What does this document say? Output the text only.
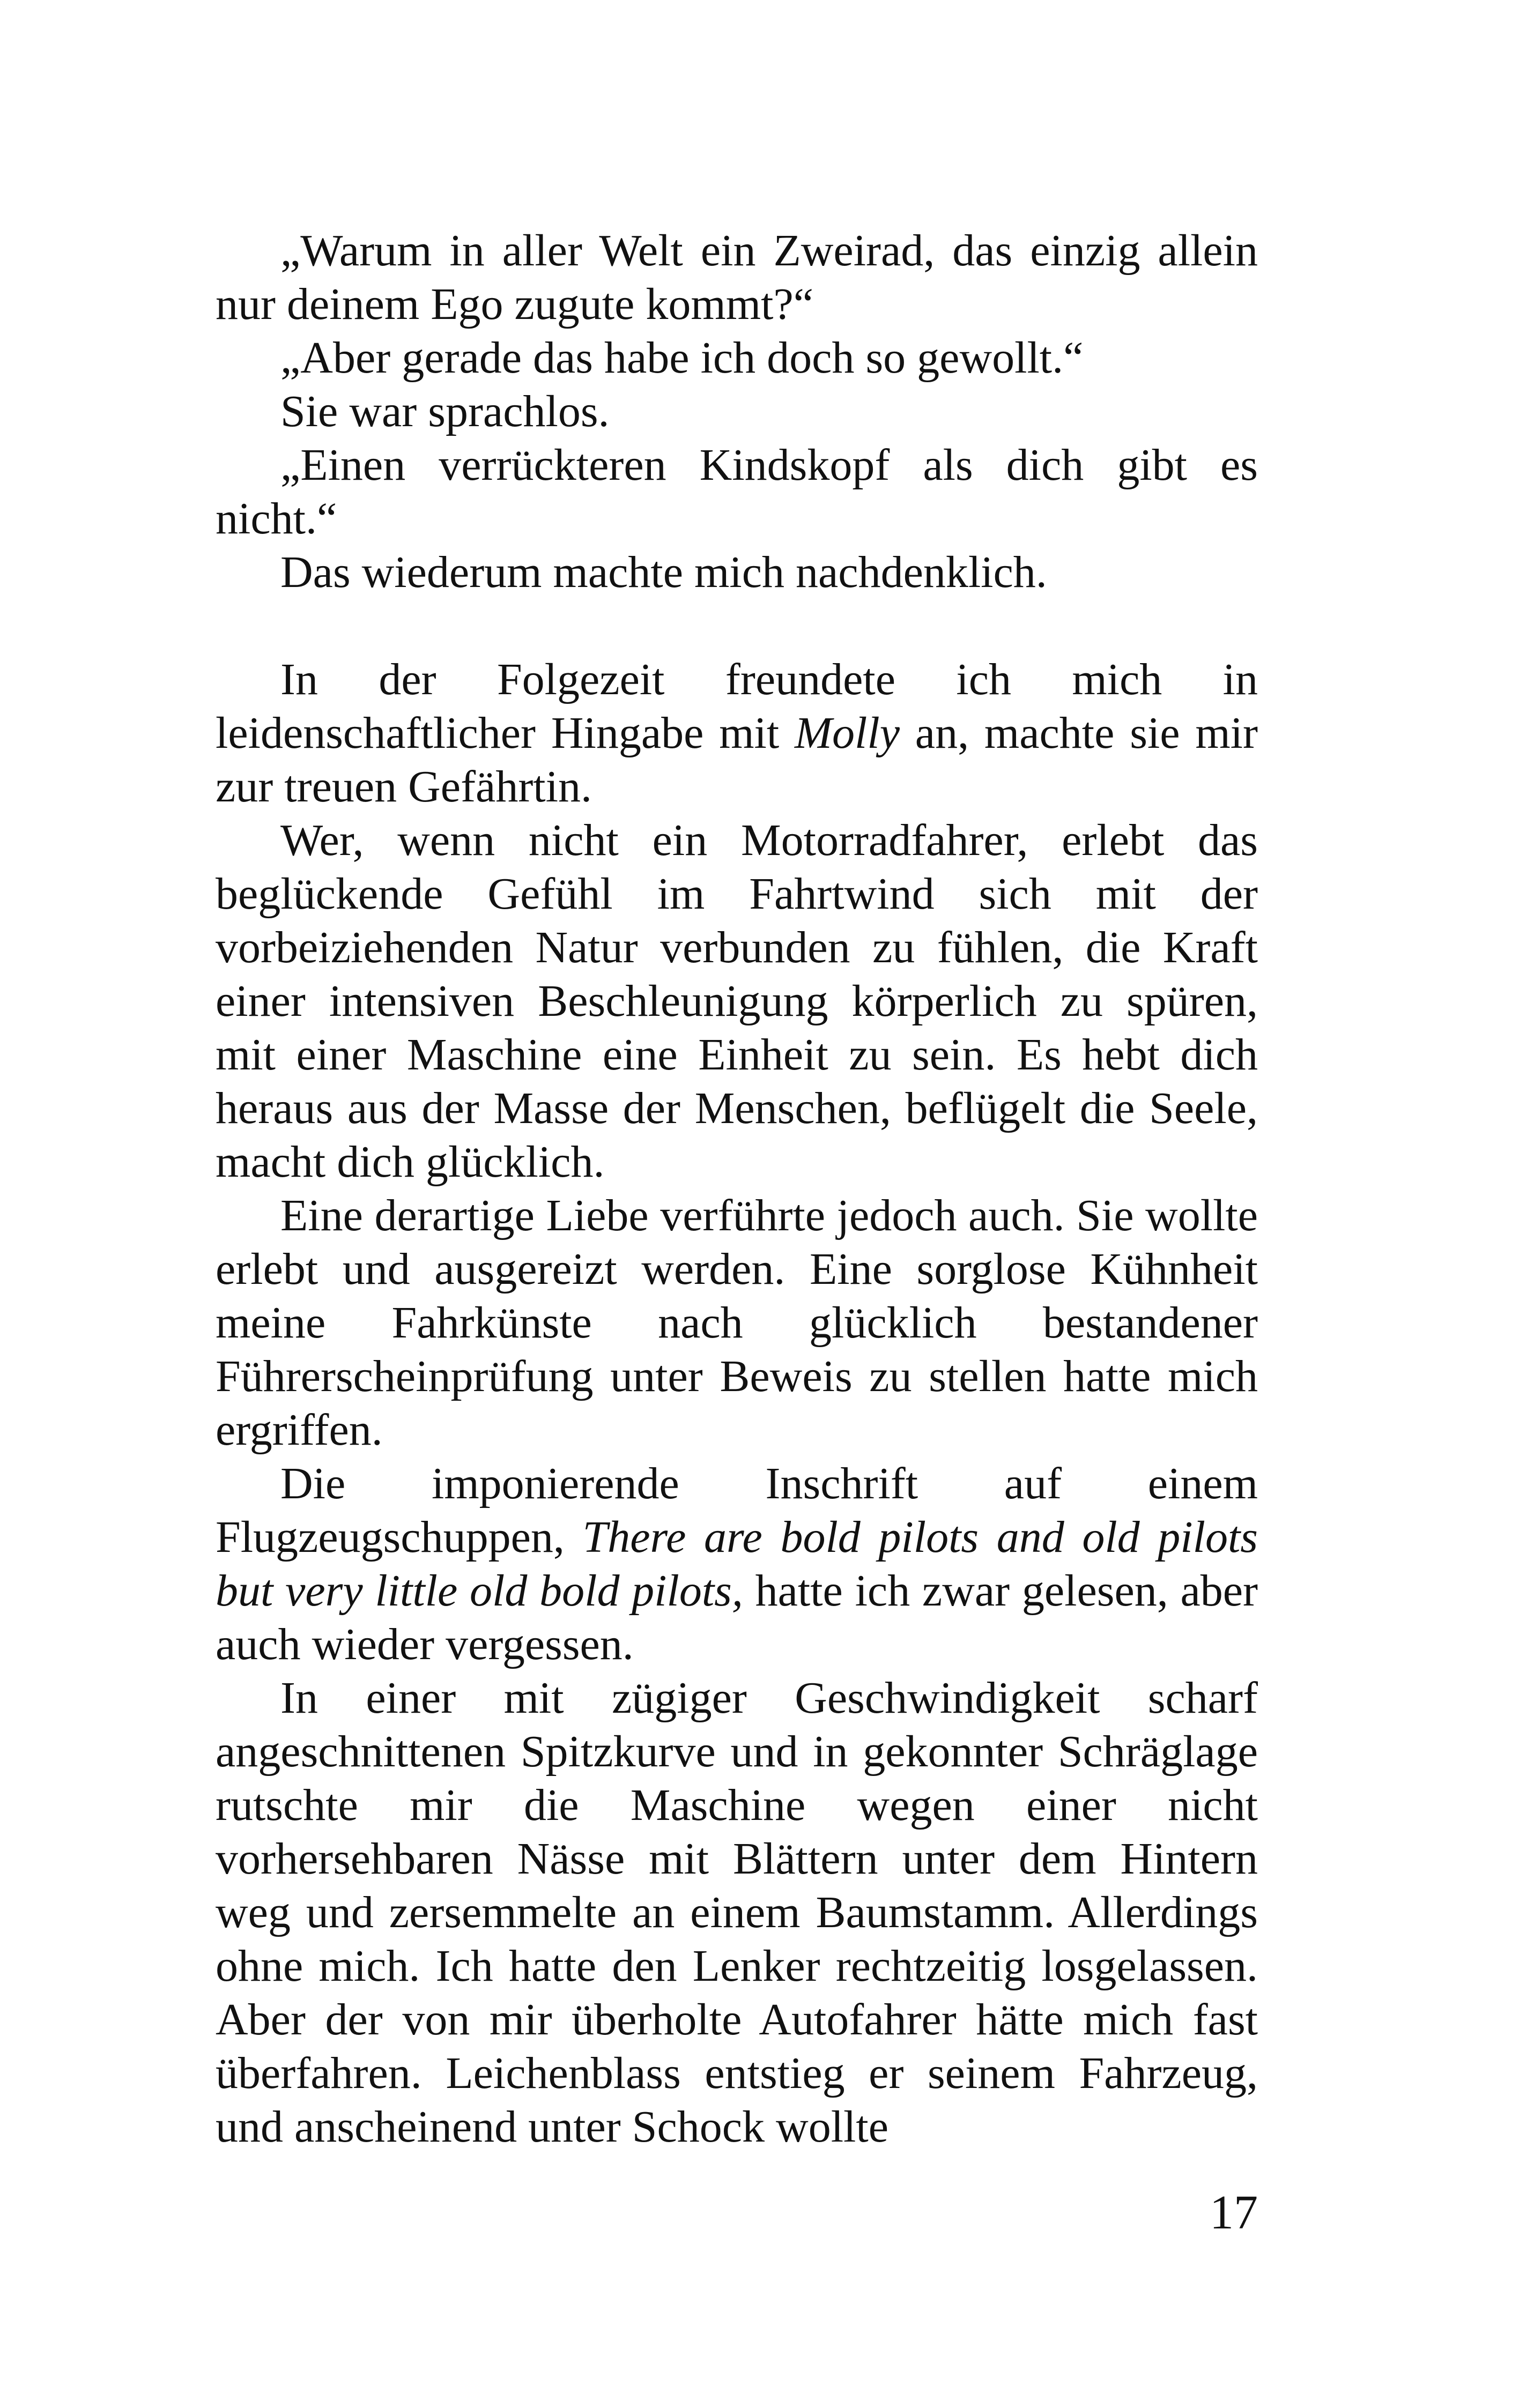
„Warum in aller Welt ein Zweirad, das einzig allein nur deinem Ego zugute kommt?“

„Aber gerade das habe ich doch so gewollt.“

Sie war sprachlos.

„Einen verrückteren Kindskopf als dich gibt es nicht.“

Das wiederum machte mich nachdenklich.

In der Folgezeit freundete ich mich in leidenschaftlicher Hingabe mit Molly an, machte sie mir zur treuen Gefährtin.

Wer, wenn nicht ein Motorradfahrer, erlebt das beglückende Gefühl im Fahrtwind sich mit der vorbeiziehenden Natur verbunden zu fühlen, die Kraft einer intensiven Beschleunigung körperlich zu spüren, mit einer Maschine eine Einheit zu sein. Es hebt dich heraus aus der Masse der Menschen, beflügelt die Seele, macht dich glücklich.

Eine derartige Liebe verführte jedoch auch. Sie wollte erlebt und ausgereizt werden. Eine sorglose Kühnheit meine Fahrkünste nach glücklich bestandener Führerscheinprüfung unter Beweis zu stellen hatte mich ergriffen.

Die imponierende Inschrift auf einem Flugzeugschuppen, There are bold pilots and old pilots but very little old bold pilots, hatte ich zwar gelesen, aber auch wieder vergessen.

In einer mit zügiger Geschwindigkeit scharf angeschnittenen Spitzkurve und in gekonnter Schräglage rutschte mir die Maschine wegen einer nicht vorhersehbaren Nässe mit Blättern unter dem Hintern weg und zersemmelte an einem Baumstamm. Allerdings ohne mich. Ich hatte den Lenker rechtzeitig losgelassen. Aber der von mir überholte Autofahrer hätte mich fast überfahren. Leichenblass entstieg er seinem Fahrzeug, und anscheinend unter Schock wollte

17
